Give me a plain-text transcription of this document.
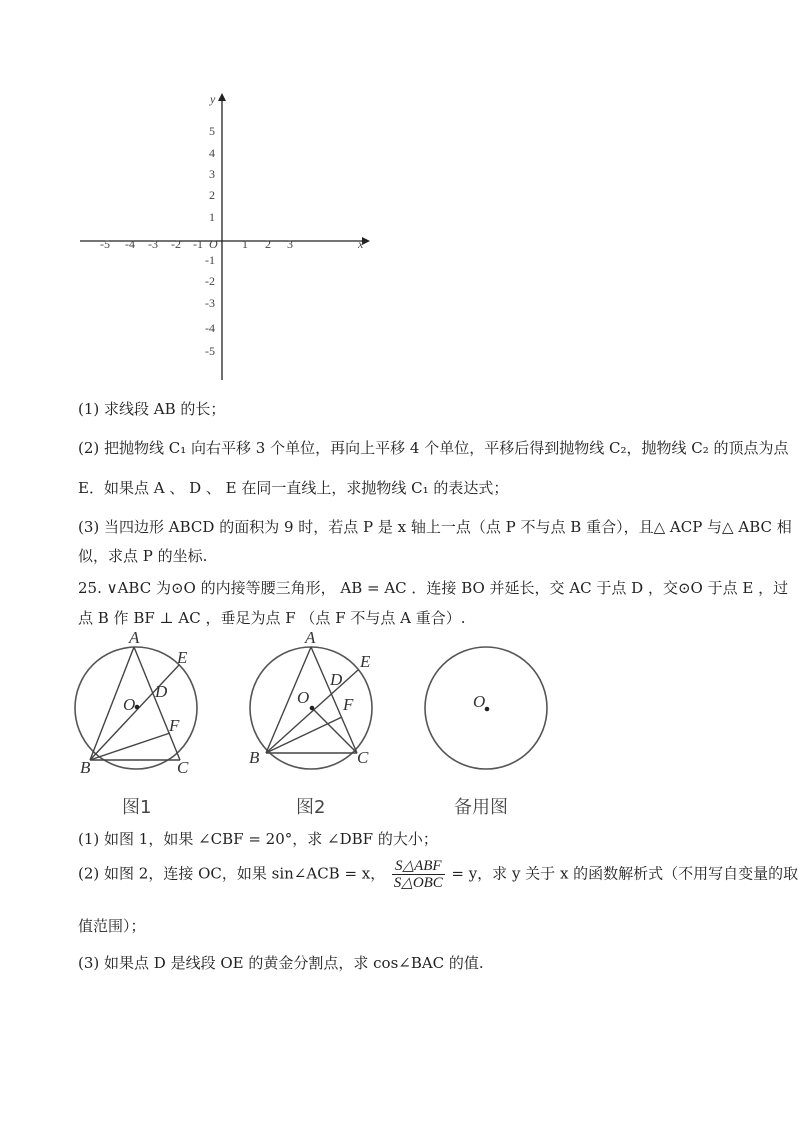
y
x
O
5
4
3
2
1
-1
-2
-3
-4
-5
-5 -4 -3 -2 -1	1 2 3
(1) 求线段 AB 的长；
(2) 把抛物线 C₁ 向右平移 3 个单位，再向上平移 4 个单位，平移后得到抛物线 C₂，抛物线 C₂ 的顶点为点
E．如果点 A 、 D 、 E 在同一直线上，求抛物线 C₁ 的表达式；
(3) 当四边形 ABCD 的面积为 9 时，若点 P 是 x 轴上一点（点 P 不与点 B 重合），且△ ACP 与△ ABC 相
似，求点 P 的坐标.
25. ∨ABC 为⊙O 的内接等腰三角形， AB = AC ．连接 BO 并延长，交 AC 于点 D ，交⊙O 于点 E ，过
点 B 作 BF ⊥ AC ，垂足为点 F （点 F 不与点 A 重合）.
A
E
O
D
F
B	C
图1
A
E
D
O F
B	C
图2
O
备用图
(1) 如图 1，如果 ∠CBF = 20°，求 ∠DBF 的大小；
(2) 如图 2，连接 OC，如果 sin∠ACB = x， $\frac{\text{S△ABF}}{\text{S△OBC}} = y$，求 y 关于 x 的函数解析式（不用写自变量的取
值范围）；
(3) 如果点 D 是线段 OE 的黄金分割点，求 cos∠BAC 的值.
